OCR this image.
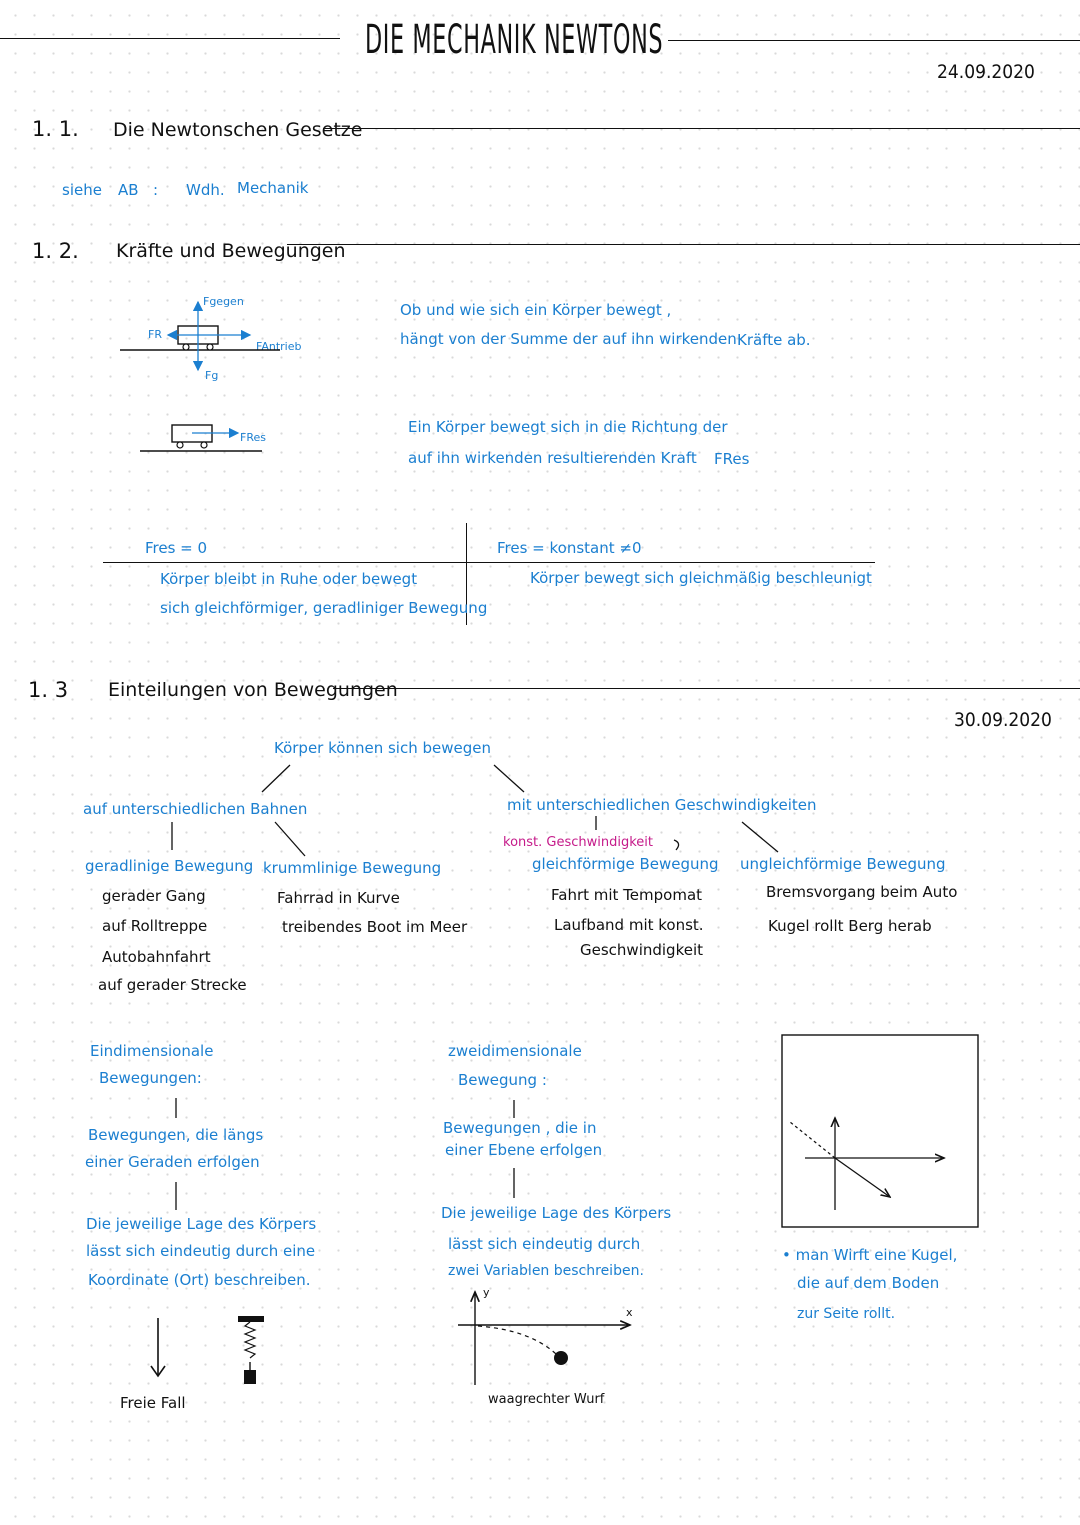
DIE MECHANIK NEWTONS
24.09.2020
1. 1. Die Newtonschen Gesetze
siehe AB : Wdh. Mechanik
1. 2. Kräfte und Bewegungen
Fgegen
FR
FAntrieb
Fg
FRes
Ob und wie sich ein Körper bewegt ,
hängt von der Summe der auf ihn wirkenden Kräfte ab.
Ein Körper bewegt sich in die Richtung der
auf ihn wirkenden resultierenden Kraft FRes
Fres = 0
Körper bleibt in Ruhe oder bewegt
sich gleichförmiger, geradliniger Bewegung
Fres = konstant ≠0
Körper bewegt sich gleichmäßig beschleunigt
1. 3 Einteilungen von Bewegungen
30.09.2020
Körper können sich bewegen
auf unterschiedlichen Bahnen	mit unterschiedlichen Geschwindigkeiten
geradlinige Bewegung
gerader Gang
auf Rolltreppe
Autobahnfahrt
auf gerader Strecke
krummlinige Bewegung
Fahrrad in Kurve
treibendes Boot im Meer
konst. Geschwindigkeit
gleichförmige Bewegung
Fahrt mit Tempomat
Laufband mit konst.
Geschwindigkeit
ungleichförmige Bewegung
Bremsvorgang beim Auto
Kugel rollt Berg herab
Eindimensionale
Bewegungen:
Bewegungen, die längs
einer Geraden erfolgen
Die jeweilige Lage des Körpers
lässt sich eindeutig durch eine
Koordinate (Ort) beschreiben.
Freie Fall
zweidimensionale
Bewegung :
Bewegungen , die in
einer Ebene erfolgen
Die jeweilige Lage des Körpers
lässt sich eindeutig durch
zwei Variablen beschreiben.
y
x
waagrechter Wurf
• man Wirft eine Kugel,
die auf dem Boden
zur Seite rollt.
